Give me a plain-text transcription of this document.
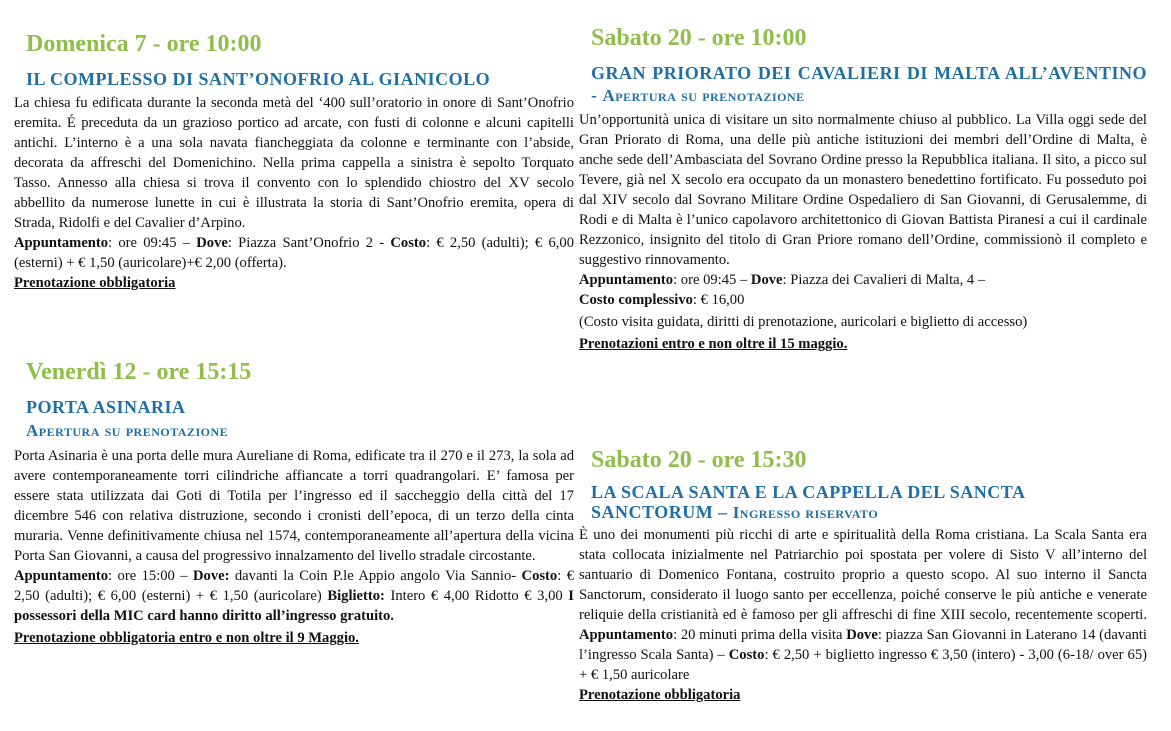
Domenica 7 - ore 10:00

IL COMPLESSO DI SANT’ONOFRIO AL GIANICOLO

La chiesa fu edificata durante la seconda metà del ‘400 sull’oratorio in onore di Sant’Onofrio eremita. É preceduta da un grazioso portico ad arcate, con fusti di colonne e alcuni capitelli antichi. L’interno è a una sola navata fiancheggiata da colonne e terminante con l’abside, decorata da affreschi del Domenichino. Nella prima cappella a sinistra è sepolto Torquato Tasso. Annesso alla chiesa si trova il convento con lo splendido chiostro del XV secolo abbellito da numerose lunette in cui è illustrata la storia di Sant’Onofrio eremita, opera di Strada, Ridolfi e del Cavalier d’Arpino.

Appuntamento: ore 09:45 – Dove: Piazza Sant’Onofrio 2 - Costo: € 2,50 (adulti); € 6,00 (esterni) + € 1,50 (auricolare)+€ 2,00 (offerta).

Prenotazione obbligatoria

Venerdì 12 - ore 15:15

PORTA ASINARIA

Apertura su prenotazione

Porta Asinaria è una porta delle mura Aureliane di Roma, edificate tra il 270 e il 273, la sola ad avere contemporaneamente torri cilindriche affiancate a torri quadrangolari. E’ famosa per essere stata utilizzata dai Goti di Totila per l’ingresso ed il saccheggio della città del 17 dicembre 546 con relativa distruzione, secondo i cronisti dell’epoca, di un terzo della cinta muraria. Venne definitivamente chiusa nel 1574, contemporaneamente all’apertura della vicina Porta San Giovanni, a causa del progressivo innalzamento del livello stradale circostante.

Appuntamento: ore 15:00 – Dove: davanti la Coin P.le Appio angolo Via Sannio- Costo: € 2,50 (adulti); € 6,00 (esterni) + € 1,50 (auricolare) Biglietto: Intero € 4,00 Ridotto € 3,00 I possessori della MIC card hanno diritto all’ingresso gratuito.

Prenotazione obbligatoria entro e non oltre il 9 Maggio.

Sabato 20 - ore 10:00

GRAN PRIORATO DEI CAVALIERI DI MALTA ALL’AVENTINO - Apertura su prenotazione

Un’opportunità unica di visitare un sito normalmente chiuso al pubblico. La Villa oggi sede del Gran Priorato di Roma, una delle più antiche istituzioni dei membri dell’Ordine di Malta, è anche sede dell’Ambasciata del Sovrano Ordine presso la Repubblica italiana. Il sito, a picco sul Tevere, già nel X secolo era occupato da un monastero benedettino fortificato. Fu posseduto poi dal XIV secolo dal Sovrano Militare Ordine Ospedaliero di San Giovanni, di Gerusalemme, di Rodi e di Malta è l’unico capolavoro architettonico di Giovan Battista Piranesi a cui il cardinale Rezzonico, insignito del titolo di Gran Priore romano dell’Ordine, commissionò il completo e suggestivo rinnovamento.

Appuntamento: ore 09:45 – Dove: Piazza dei Cavalieri di Malta, 4 –

Costo complessivo: € 16,00

(Costo visita guidata, diritti di prenotazione, auricolari e biglietto di accesso)

Prenotazioni entro e non oltre il 15 maggio.

Sabato 20 - ore 15:30

LA SCALA SANTA E LA CAPPELLA DEL SANCTA SANCTORUM – Ingresso riservato

È uno dei monumenti più ricchi di arte e spiritualità della Roma cristiana. La Scala Santa era stata collocata inizialmente nel Patriarchio poi spostata per volere di Sisto V all’interno del santuario di Domenico Fontana, costruito proprio a questo scopo. Al suo interno il Sancta Sanctorum, considerato il luogo santo per eccellenza, poiché conserve le più antiche e venerate reliquie della cristianità ed è famoso per gli affreschi di fine XIII secolo, recentemente scoperti. Appuntamento: 20 minuti prima della visita Dove: piazza San Giovanni in Laterano 14 (davanti l’ingresso Scala Santa) – Costo: € 2,50 + biglietto ingresso € 3,50 (intero) - 3,00 (6-18/ over 65) + € 1,50 auricolare

Prenotazione obbligatoria
